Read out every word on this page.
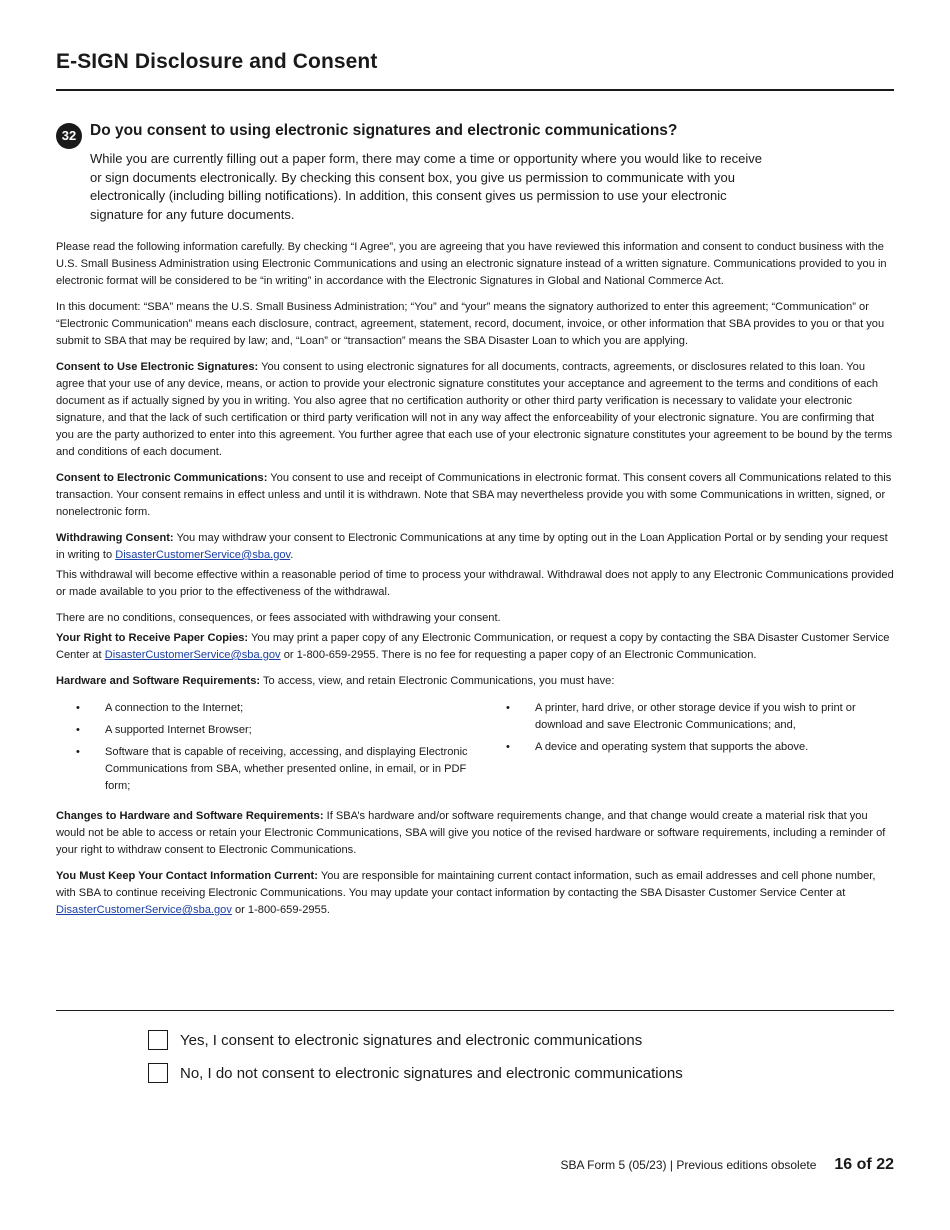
E-SIGN Disclosure and Consent
32 Do you consent to using electronic signatures and electronic communications?

While you are currently filling out a paper form, there may come a time or opportunity where you would like to receive or sign documents electronically. By checking this consent box, you give us permission to communicate with you electronically (including billing notifications). In addition, this consent gives us permission to use your electronic signature for any future documents.

Please read the following information carefully. By checking “I Agree”, you are agreeing that you have reviewed this information and consent to conduct business with the U.S. Small Business Administration using Electronic Communications and using an electronic signature instead of a written signature. Communications provided to you in electronic format will be considered to be “in writing” in accordance with the Electronic Signatures in Global and National Commerce Act.

In this document: “SBA” means the U.S. Small Business Administration; “You” and “your” means the signatory authorized to enter this agreement; “Communication” or “Electronic Communication” means each disclosure, contract, agreement, statement, record, document, invoice, or other information that SBA provides to you or that you submit to SBA that may be required by law; and, “Loan” or “transaction” means the SBA Disaster Loan to which you are applying.

Consent to Use Electronic Signatures: You consent to using electronic signatures for all documents, contracts, agreements, or disclosures related to this loan. You agree that your use of any device, means, or action to provide your electronic signature constitutes your acceptance and agreement to the terms and conditions of each document as if actually signed by you in writing. You also agree that no certification authority or other third party verification is necessary to validate your electronic signature, and that the lack of such certification or third party verification will not in any way affect the enforceability of your electronic signature. You are confirming that you are the party authorized to enter into this agreement. You further agree that each use of your electronic signature constitutes your agreement to be bound by the terms and conditions of each document.

Consent to Electronic Communications: You consent to use and receipt of Communications in electronic format. This consent covers all Communications related to this transaction. Your consent remains in effect unless and until it is withdrawn. Note that SBA may nevertheless provide you with some Communications in written, signed, or nonelectronic form.

Withdrawing Consent: You may withdraw your consent to Electronic Communications at any time by opting out in the Loan Application Portal or by sending your request in writing to DisasterCustomerService@sba.gov.

This withdrawal will become effective within a reasonable period of time to process your withdrawal. Withdrawal does not apply to any Electronic Communications provided or made available to you prior to the effectiveness of the withdrawal.

There are no conditions, consequences, or fees associated with withdrawing your consent.

Your Right to Receive Paper Copies: You may print a paper copy of any Electronic Communication, or request a copy by contacting the SBA Disaster Customer Service Center at DisasterCustomerService@sba.gov or 1-800-659-2955. There is no fee for requesting a paper copy of an Electronic Communication.

Hardware and Software Requirements: To access, view, and retain Electronic Communications, you must have:

• A connection to the Internet;
• A supported Internet Browser;
• Software that is capable of receiving, accessing, and displaying Electronic Communications from SBA, whether presented online, in email, or in PDF form;
• A printer, hard drive, or other storage device if you wish to print or download and save Electronic Communications; and,
• A device and operating system that supports the above.

Changes to Hardware and Software Requirements: If SBA’s hardware and/or software requirements change, and that change would create a material risk that you would not be able to access or retain your Electronic Communications, SBA will give you notice of the revised hardware or software requirements, including a reminder of your right to withdraw consent to Electronic Communications.

You Must Keep Your Contact Information Current: You are responsible for maintaining current contact information, such as email addresses and cell phone number, with SBA to continue receiving Electronic Communications. You may update your contact information by contacting the SBA Disaster Customer Service Center at DisasterCustomerService@sba.gov or 1-800-659-2955.

Yes, I consent to electronic signatures and electronic communications
No, I do not consent to electronic signatures and electronic communications
SBA Form 5 (05/23) | Previous editions obsolete 16 of 22
